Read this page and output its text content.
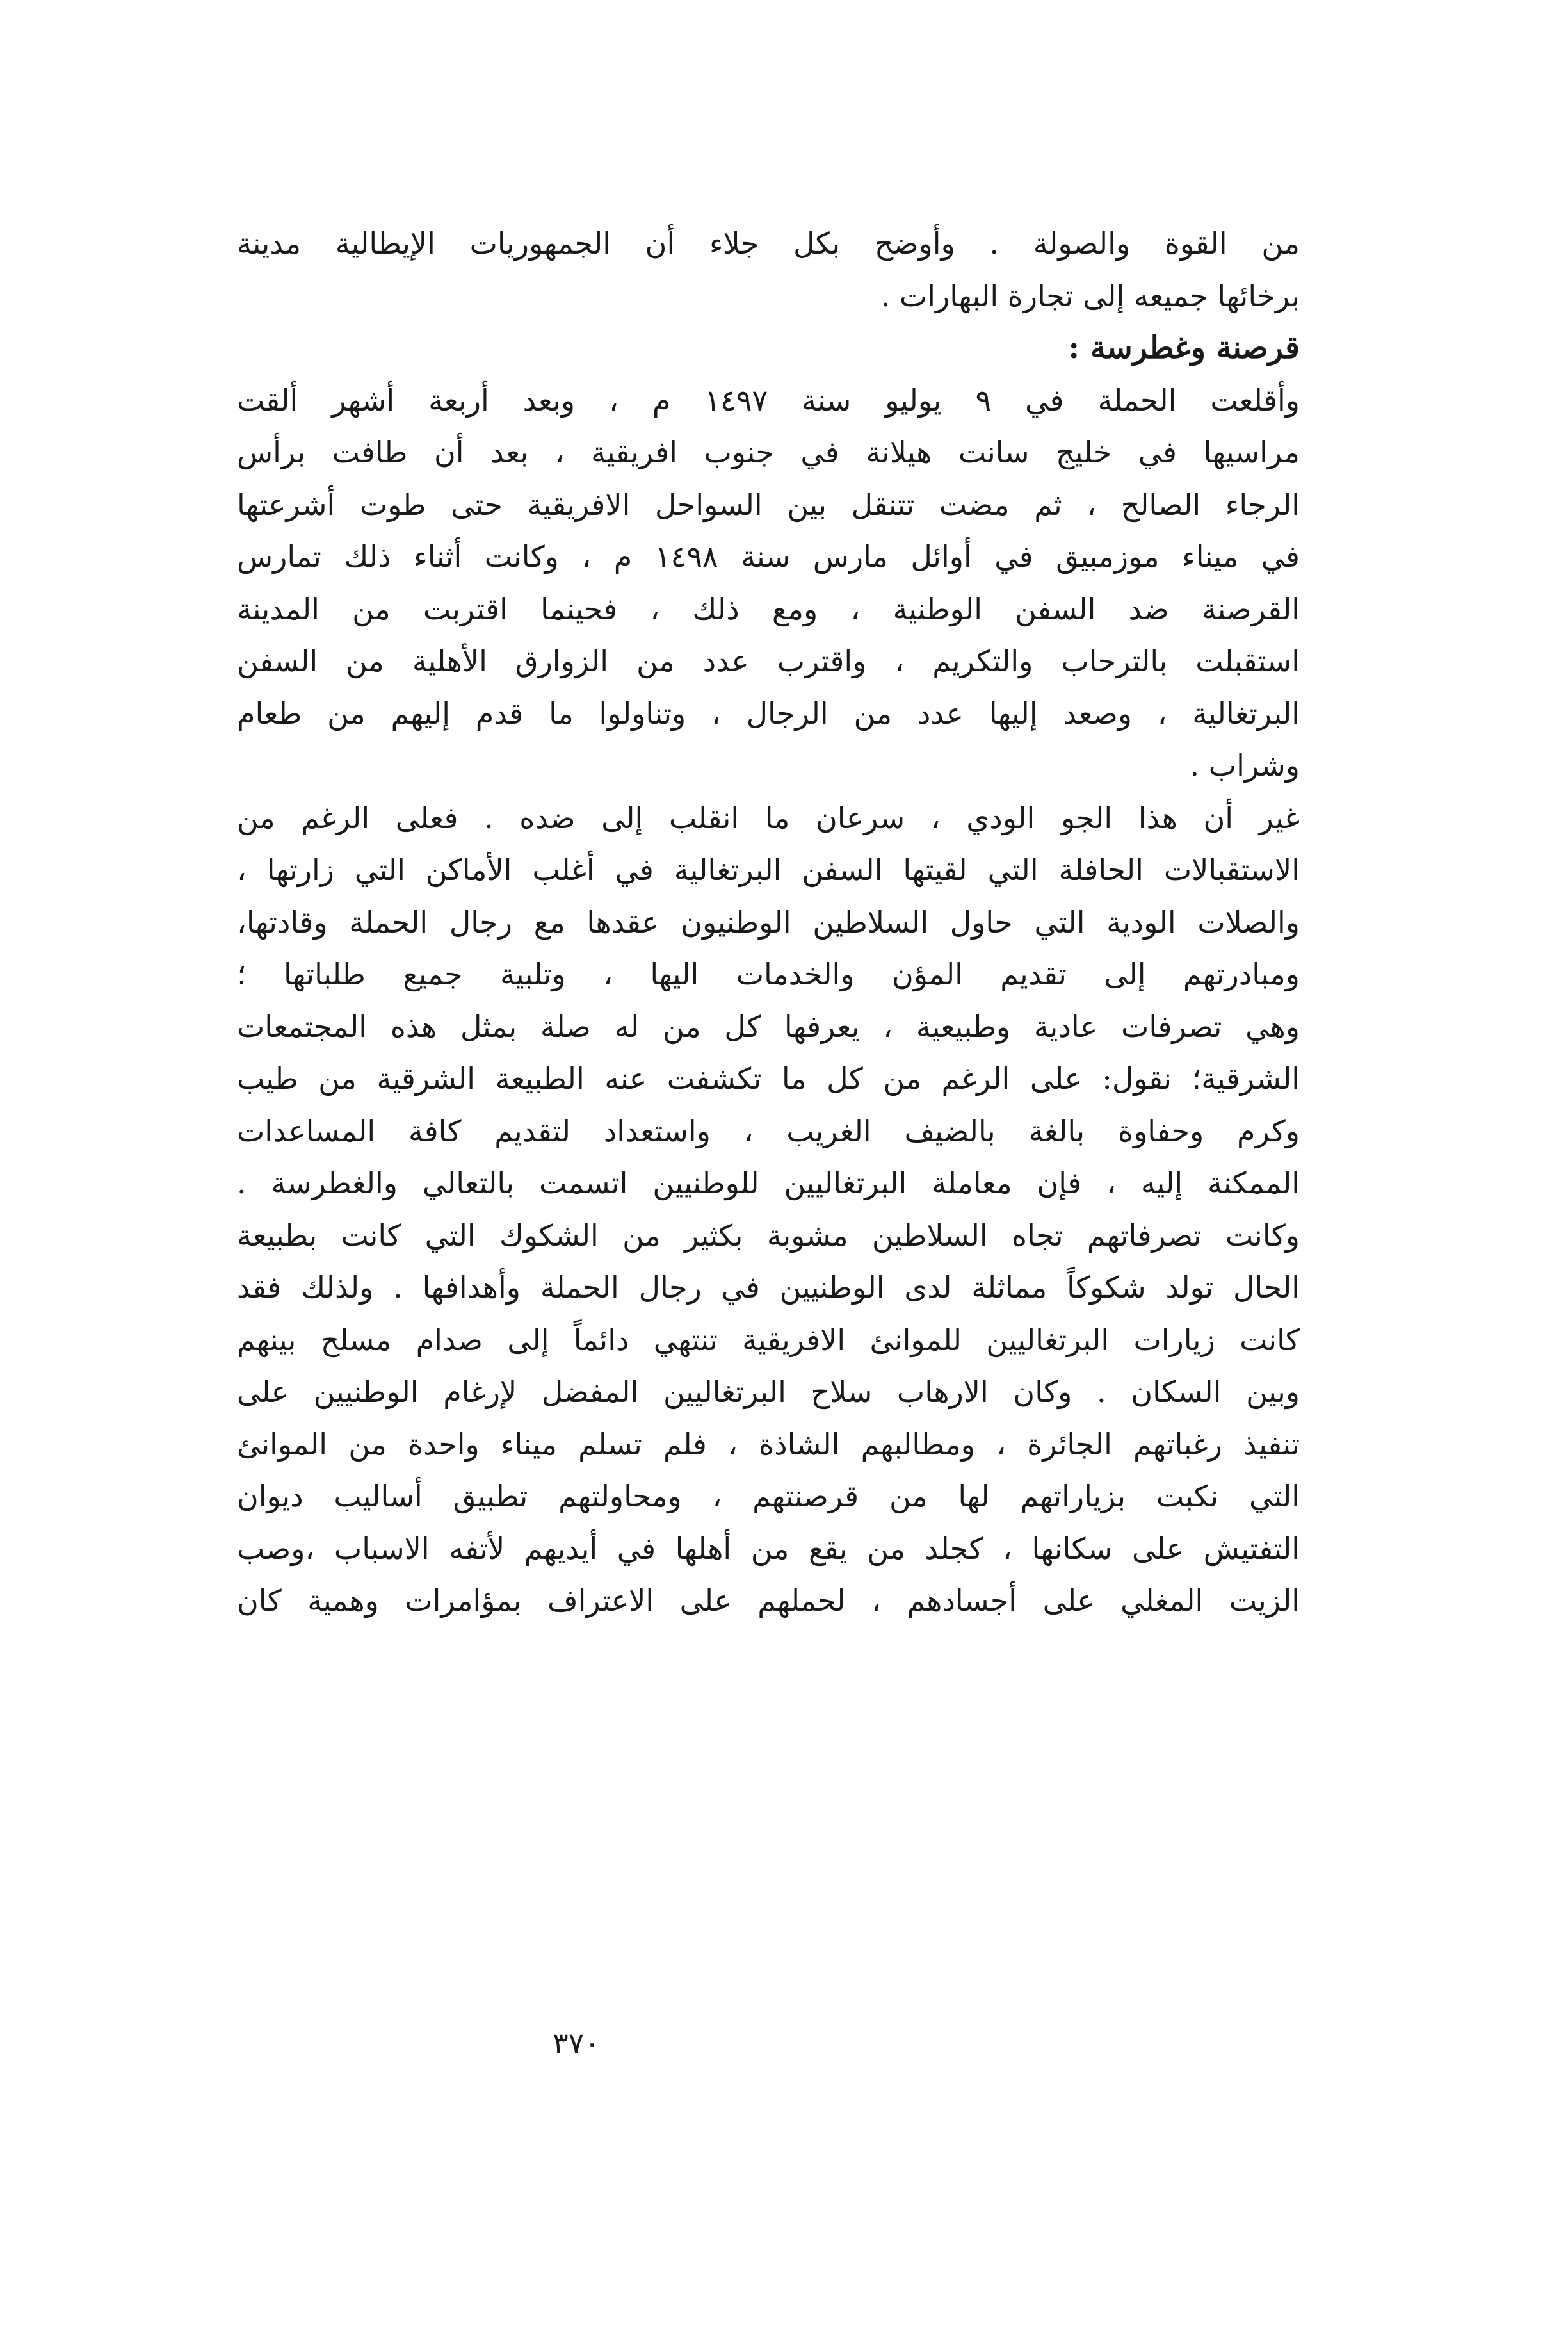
من القوة والصولة . وأوضح بكل جلاء أن الجمهوريات الإيطالية مدينة
برخائها جميعه إلى تجارة البهارات .
قرصنة وغطرسة :
وأقلعت الحملة في ٩ يوليو سنة ١٤٩٧ م ، وبعد أربعة أشهر ألقت
مراسيها في خليج سانت هيلانة في جنوب افريقية ، بعد أن طافت برأس
الرجاء الصالح ، ثم مضت تتنقل بين السواحل الافريقية حتى طوت أشرعتها
في ميناء موزمبيق في أوائل مارس سنة ١٤٩٨ م ، وكانت أثناء ذلك تمارس
القرصنة ضد السفن الوطنية ، ومع ذلك ، فحينما اقتربت من المدينة
استقبلت بالترحاب والتكريم ، واقترب عدد من الزوارق الأهلية من السفن
البرتغالية ، وصعد إليها عدد من الرجال ، وتناولوا ما قدم إليهم من طعام
وشراب .
غير أن هذا الجو الودي ، سرعان ما انقلب إلى ضده . فعلى الرغم من
الاستقبالات الحافلة التي لقيتها السفن البرتغالية في أغلب الأماكن التي زارتها ،
والصلات الودية التي حاول السلاطين الوطنيون عقدها مع رجال الحملة وقادتها،
ومبادرتهم إلى تقديم المؤن والخدمات اليها ، وتلبية جميع طلباتها ؛
وهي تصرفات عادية وطبيعية ، يعرفها كل من له صلة بمثل هذه المجتمعات
الشرقية؛ نقول: على الرغم من كل ما تكشفت عنه الطبيعة الشرقية من طيب
وكرم وحفاوة بالغة بالضيف الغريب ، واستعداد لتقديم كافة المساعدات
الممكنة إليه ، فإن معاملة البرتغاليين للوطنيين اتسمت بالتعالي والغطرسة .
وكانت تصرفاتهم تجاه السلاطين مشوبة بكثير من الشكوك التي كانت بطبيعة
الحال تولد شكوكاً مماثلة لدى الوطنيين في رجال الحملة وأهدافها . ولذلك فقد
كانت زيارات البرتغاليين للموانئ الافريقية تنتهي دائماً إلى صدام مسلح بينهم
وبين السكان . وكان الارهاب سلاح البرتغاليين المفضل لإرغام الوطنيين على
تنفيذ رغباتهم الجائرة ، ومطالبهم الشاذة ، فلم تسلم ميناء واحدة من الموانئ
التي نكبت بزياراتهم لها من قرصنتهم ، ومحاولتهم تطبيق أساليب ديوان
التفتيش على سكانها ، كجلد من يقع من أهلها في أيديهم لأتفه الاسباب ،وصب
الزيت المغلي على أجسادهم ، لحملهم على الاعتراف بمؤامرات وهمية كان
٣٧٠
